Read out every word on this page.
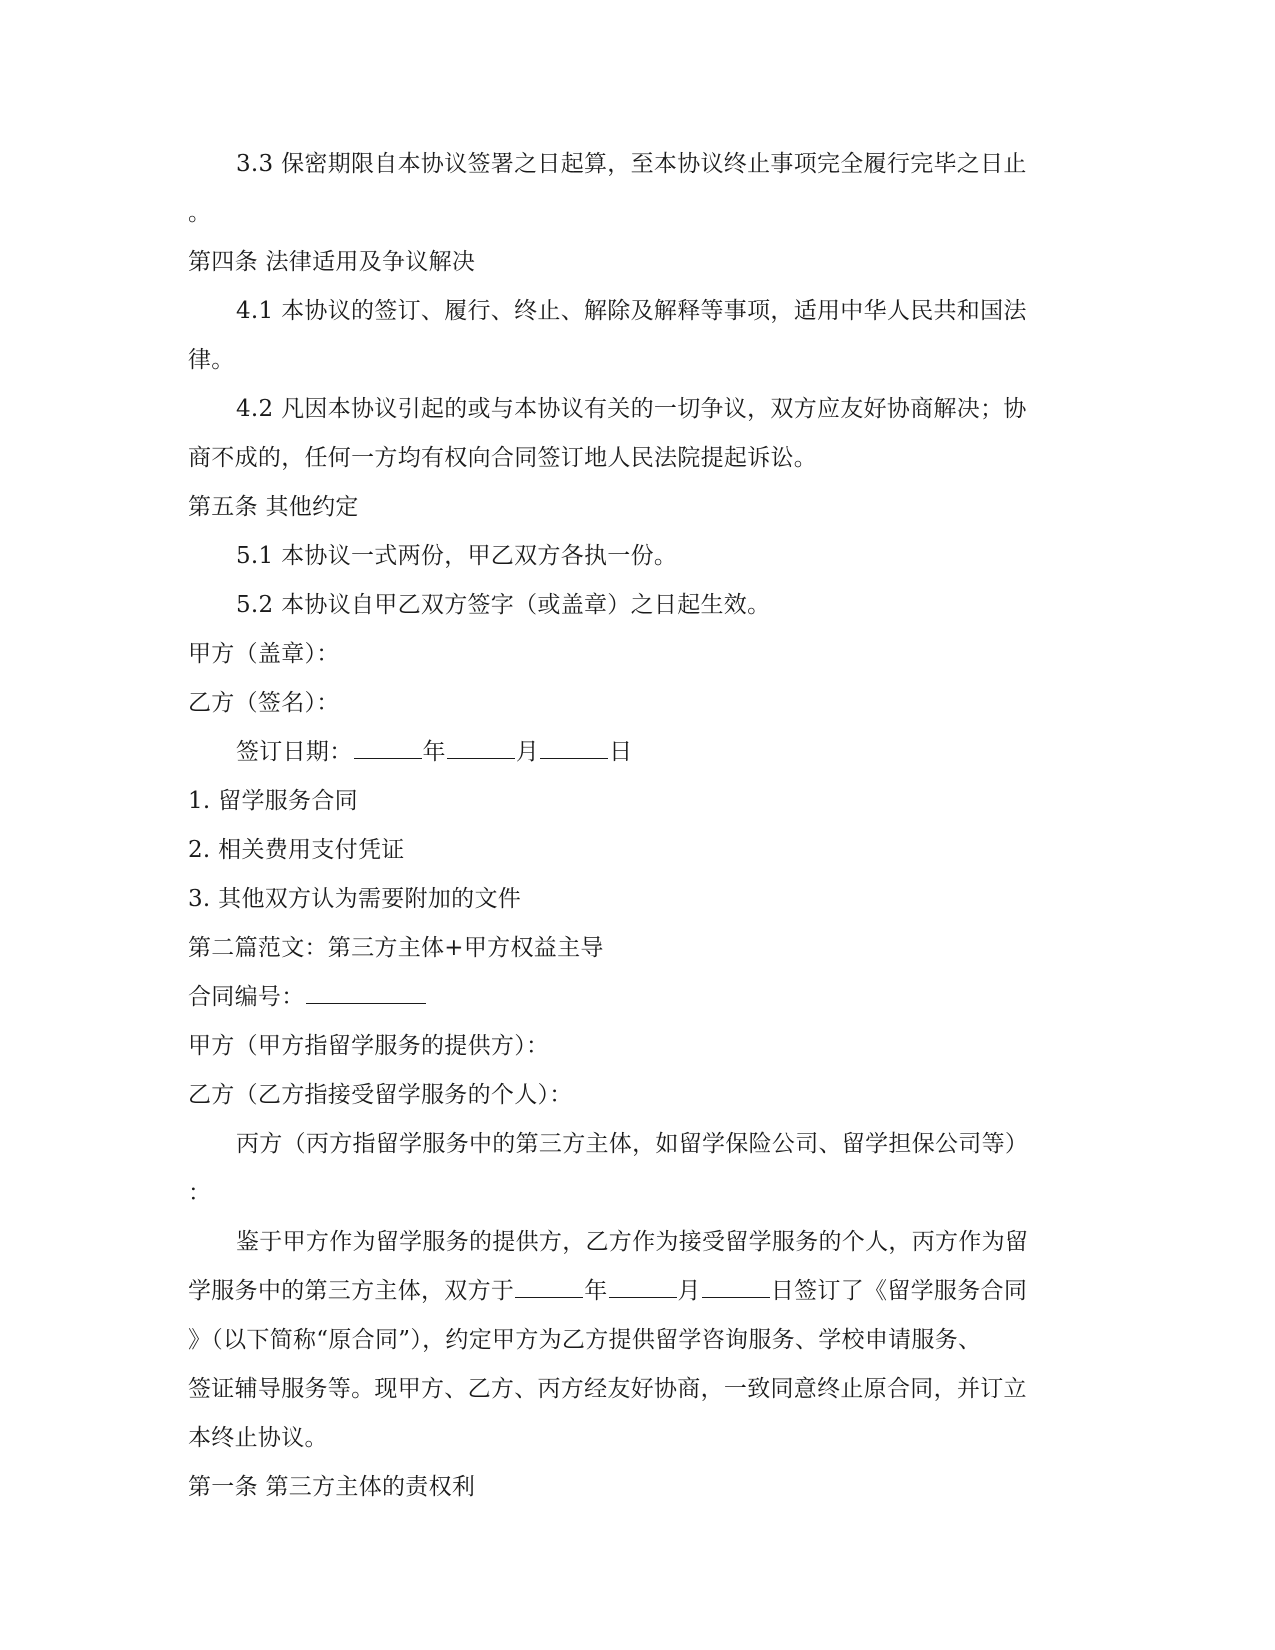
3.3 保密期限自本协议签署之日起算，至本协议终止事项完全履行完毕之日止
。
第四条 法律适用及争议解决
4.1 本协议的签订、履行、终止、解除及解释等事项，适用中华人民共和国法
律。
4.2 凡因本协议引起的或与本协议有关的一切争议，双方应友好协商解决；协
商不成的，任何一方均有权向合同签订地人民法院提起诉讼。
第五条 其他约定
5.1 本协议一式两份，甲乙双方各执一份。
5.2 本协议自甲乙双方签字（或盖章）之日起生效。
甲方（盖章）：
乙方（签名）：
签订日期：	年	月	日
1. 留学服务合同
2. 相关费用支付凭证
3. 其他双方认为需要附加的文件
第二篇范文：第三方主体+甲方权益主导
合同编号：
甲方（甲方指留学服务的提供方）：
乙方（乙方指接受留学服务的个人）：
丙方（丙方指留学服务中的第三方主体，如留学保险公司、留学担保公司等）
：
鉴于甲方作为留学服务的提供方，乙方作为接受留学服务的个人，丙方作为留
学服务中的第三方主体，双方于	年	月	日签订了《留学服务合同
》（以下简称“原合同”），约定甲方为乙方提供留学咨询服务、学校申请服务、
签证辅导服务等。现甲方、乙方、丙方经友好协商，一致同意终止原合同，并订立
本终止协议。
第一条 第三方主体的责权利
